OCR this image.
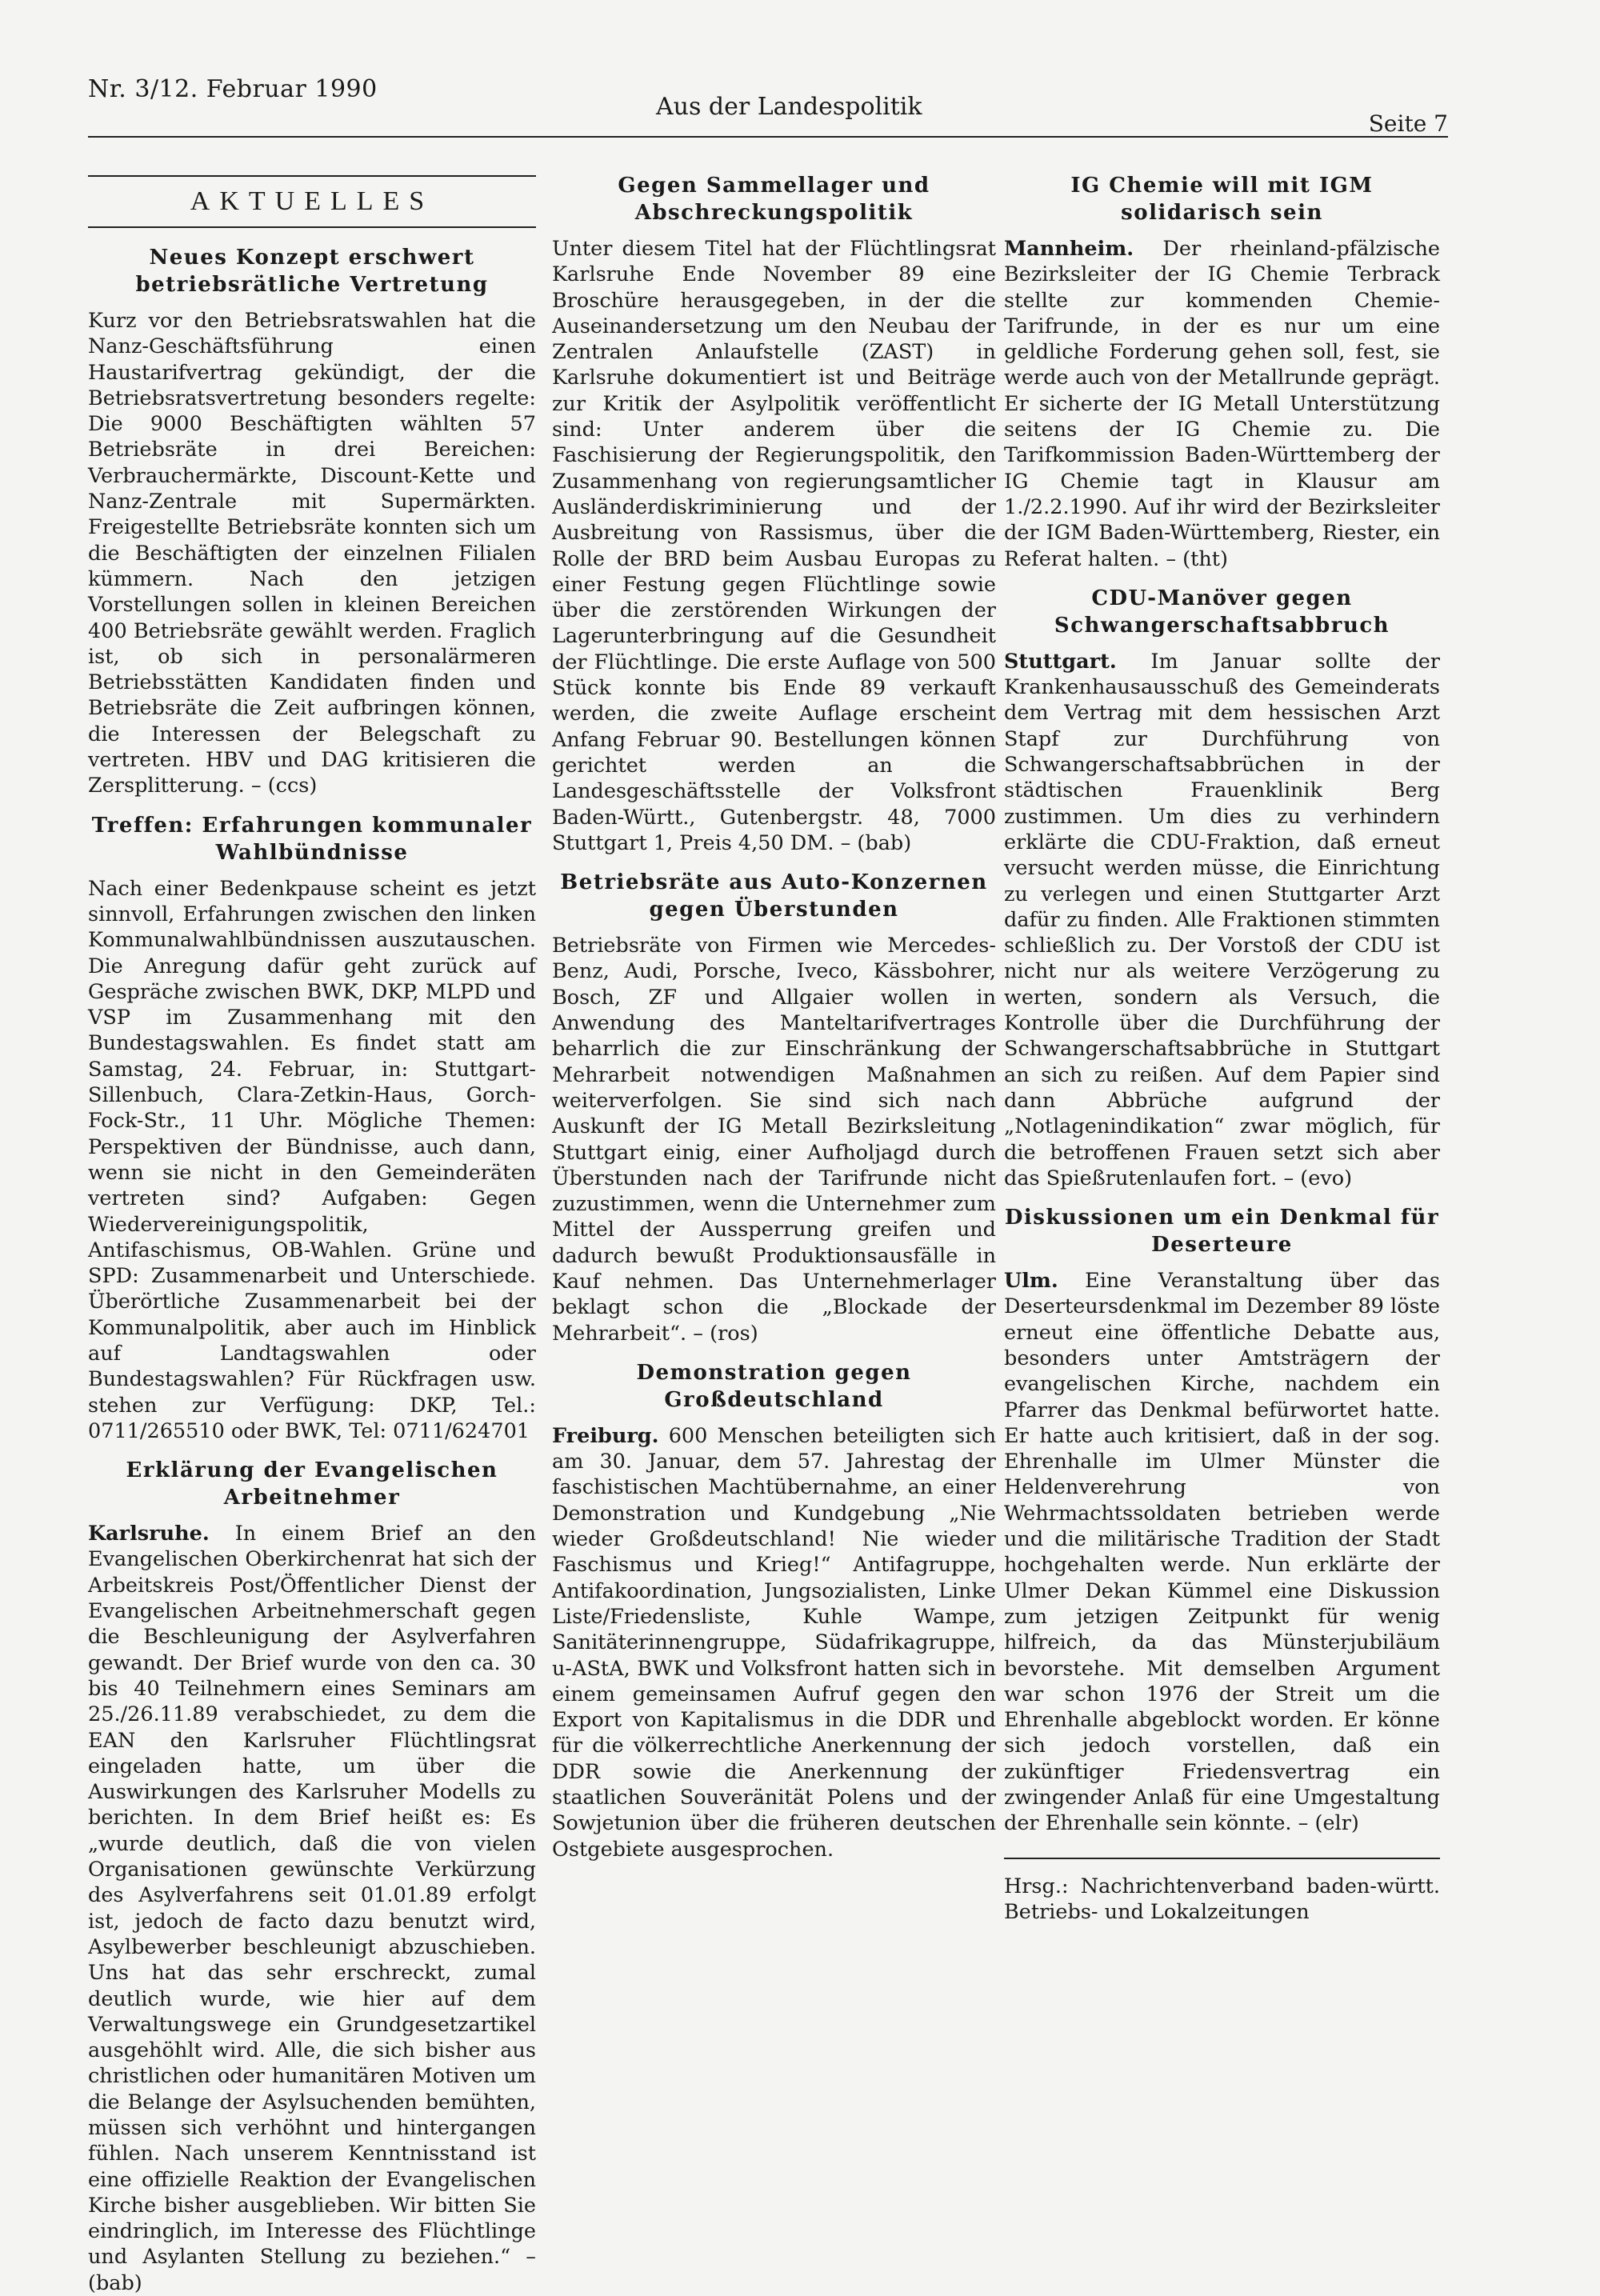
Nr. 3/12. Februar 1990
Aus der Landespolitik
Seite 7
AKTUELLES
Neues Konzept erschwert betriebsrätliche Vertretung

Kurz vor den Betriebsratswahlen hat die Nanz-Geschäftsführung einen Haustarifvertrag gekündigt, der die Betriebsratsvertretung besonders regelte: Die 9000 Beschäftigten wählten 57 Betriebsräte in drei Bereichen: Verbrauchermärkte, Discount-Kette und Nanz-Zentrale mit Supermärkten. Freigestellte Betriebsräte konnten sich um die Beschäftigten der einzelnen Filialen kümmern. Nach den jetzigen Vorstellungen sollen in kleinen Bereichen 400 Betriebsräte gewählt werden. Fraglich ist, ob sich in personalärmeren Betriebsstätten Kandidaten finden und Betriebsräte die Zeit aufbringen können, die Interessen der Belegschaft zu vertreten. HBV und DAG kritisieren die Zersplitterung. – (ccs)

Treffen: Erfahrungen kommunaler Wahlbündnisse

Nach einer Bedenkpause scheint es jetzt sinnvoll, Erfahrungen zwischen den linken Kommunalwahlbündnissen auszutauschen. Die Anregung dafür geht zurück auf Gespräche zwischen BWK, DKP, MLPD und VSP im Zusammenhang mit den Bundestagswahlen. Es findet statt am Samstag, 24. Februar, in: Stuttgart-Sillenbuch, Clara-Zetkin-Haus, Gorch-Fock-Str., 11 Uhr. Mögliche Themen: Perspektiven der Bündnisse, auch dann, wenn sie nicht in den Gemeinderäten vertreten sind? Aufgaben: Gegen Wiedervereinigungspolitik, Antifaschismus, OB-Wahlen. Grüne und SPD: Zusammenarbeit und Unterschiede. Überörtliche Zusammenarbeit bei der Kommunalpolitik, aber auch im Hinblick auf Landtagswahlen oder Bundestagswahlen? Für Rückfragen usw. stehen zur Verfügung: DKP, Tel.: 0711/265510 oder BWK, Tel: 0711/624701

Erklärung der Evangelischen Arbeitnehmer

Karlsruhe. In einem Brief an den Evangelischen Oberkirchenrat hat sich der Arbeitskreis Post/Öffentlicher Dienst der Evangelischen Arbeitnehmerschaft gegen die Beschleunigung der Asylverfahren gewandt. Der Brief wurde von den ca. 30 bis 40 Teilnehmern eines Seminars am 25./26.11.89 verabschiedet, zu dem die EAN den Karlsruher Flüchtlingsrat eingeladen hatte, um über die Auswirkungen des Karlsruher Modells zu berichten. In dem Brief heißt es: Es „wurde deutlich, daß die von vielen Organisationen gewünschte Verkürzung des Asylverfahrens seit 01.01.89 erfolgt ist, jedoch de facto dazu benutzt wird, Asylbewerber beschleunigt abzuschieben. Uns hat das sehr erschreckt, zumal deutlich wurde, wie hier auf dem Verwaltungswege ein Grundgesetzartikel ausgehöhlt wird. Alle, die sich bisher aus christlichen oder humanitären Motiven um die Belange der Asylsuchenden bemühten, müssen sich verhöhnt und hintergangen fühlen. Nach unserem Kenntnisstand ist eine offizielle Reaktion der Evangelischen Kirche bisher ausgeblieben. Wir bitten Sie eindringlich, im Interesse des Flüchtlinge und Asylanten Stellung zu beziehen.“ – (bab)

Gegen Sammellager und Abschreckungspolitik

Unter diesem Titel hat der Flüchtlingsrat Karlsruhe Ende November 89 eine Broschüre herausgegeben, in der die Auseinandersetzung um den Neubau der Zentralen Anlaufstelle (ZAST) in Karlsruhe dokumentiert ist und Beiträge zur Kritik der Asylpolitik veröffentlicht sind: Unter anderem über die Faschisierung der Regierungspolitik, den Zusammenhang von regierungsamtlicher Ausländerdiskriminierung und der Ausbreitung von Rassismus, über die Rolle der BRD beim Ausbau Europas zu einer Festung gegen Flüchtlinge sowie über die zerstörenden Wirkungen der Lagerunterbringung auf die Gesundheit der Flüchtlinge. Die erste Auflage von 500 Stück konnte bis Ende 89 verkauft werden, die zweite Auflage erscheint Anfang Februar 90. Bestellungen können gerichtet werden an die Landesgeschäftsstelle der Volksfront Baden-Württ., Gutenbergstr. 48, 7000 Stuttgart 1, Preis 4,50 DM. – (bab)

Betriebsräte aus Auto-Konzernen gegen Überstunden

Betriebsräte von Firmen wie Mercedes-Benz, Audi, Porsche, Iveco, Kässbohrer, Bosch, ZF und Allgaier wollen in Anwendung des Manteltarifvertrages beharrlich die zur Einschränkung der Mehrarbeit notwendigen Maßnahmen weiterverfolgen. Sie sind sich nach Auskunft der IG Metall Bezirksleitung Stuttgart einig, einer Aufholjagd durch Überstunden nach der Tarifrunde nicht zuzustimmen, wenn die Unternehmer zum Mittel der Aussperrung greifen und dadurch bewußt Produktionsausfälle in Kauf nehmen. Das Unternehmerlager beklagt schon die „Blockade der Mehrarbeit“. – (ros)

Demonstration gegen Großdeutschland

Freiburg. 600 Menschen beteiligten sich am 30. Januar, dem 57. Jahrestag der faschistischen Machtübernahme, an einer Demonstration und Kundgebung „Nie wieder Großdeutschland! Nie wieder Faschismus und Krieg!“ Antifagruppe, Antifakoordination, Jungsozialisten, Linke Liste/Friedensliste, Kuhle Wampe, Sanitäterinnengruppe, Südafrikagruppe, u-AStA, BWK und Volksfront hatten sich in einem gemeinsamen Aufruf gegen den Export von Kapitalismus in die DDR und für die völkerrechtliche Anerkennung der DDR sowie die Anerkennung der staatlichen Souveränität Polens und der Sowjetunion über die früheren deutschen Ostgebiete ausgesprochen.

IG Chemie will mit IGM solidarisch sein

Mannheim. Der rheinland-pfälzische Bezirksleiter der IG Chemie Terbrack stellte zur kommenden Chemie-Tarifrunde, in der es nur um eine geldliche Forderung gehen soll, fest, sie werde auch von der Metallrunde geprägt. Er sicherte der IG Metall Unterstützung seitens der IG Chemie zu. Die Tarifkommission Baden-Württemberg der IG Chemie tagt in Klausur am 1./2.2.1990. Auf ihr wird der Bezirksleiter der IGM Baden-Württemberg, Riester, ein Referat halten. – (tht)

CDU-Manöver gegen Schwangerschaftsabbruch

Stuttgart. Im Januar sollte der Krankenhausausschuß des Gemeinderats dem Vertrag mit dem hessischen Arzt Stapf zur Durchführung von Schwangerschaftsabbrüchen in der städtischen Frauenklinik Berg zustimmen. Um dies zu verhindern erklärte die CDU-Fraktion, daß erneut versucht werden müsse, die Einrichtung zu verlegen und einen Stuttgarter Arzt dafür zu finden. Alle Fraktionen stimmten schließlich zu. Der Vorstoß der CDU ist nicht nur als weitere Verzögerung zu werten, sondern als Versuch, die Kontrolle über die Durchführung der Schwangerschaftsabbrüche in Stuttgart an sich zu reißen. Auf dem Papier sind dann Abbrüche aufgrund der „Notlagenindikation“ zwar möglich, für die betroffenen Frauen setzt sich aber das Spießrutenlaufen fort. – (evo)

Diskussionen um ein Denkmal für Deserteure

Ulm. Eine Veranstaltung über das Deserteursdenkmal im Dezember 89 löste erneut eine öffentliche Debatte aus, besonders unter Amtsträgern der evangelischen Kirche, nachdem ein Pfarrer das Denkmal befürwortet hatte. Er hatte auch kritisiert, daß in der sog. Ehrenhalle im Ulmer Münster die Heldenverehrung von Wehrmachtssoldaten betrieben werde und die militärische Tradition der Stadt hochgehalten werde. Nun erklärte der Ulmer Dekan Kümmel eine Diskussion zum jetzigen Zeitpunkt für wenig hilfreich, da das Münsterjubiläum bevorstehe. Mit demselben Argument war schon 1976 der Streit um die Ehrenhalle abgeblockt worden. Er könne sich jedoch vorstellen, daß ein zukünftiger Friedensvertrag ein zwingender Anlaß für eine Umgestaltung der Ehrenhalle sein könnte. – (elr)

Hrsg.: Nachrichtenverband baden-württ. Betriebs- und Lokalzeitungen
